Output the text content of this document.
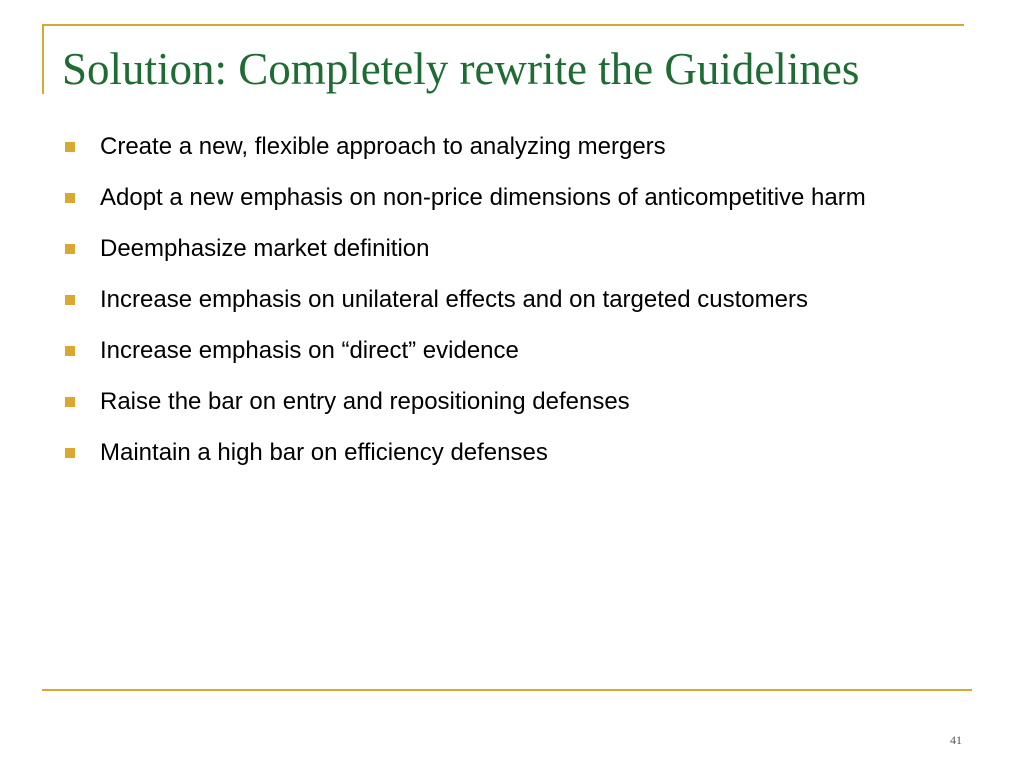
Solution: Completely rewrite the Guidelines
Create a new, flexible approach to analyzing mergers
Adopt a new emphasis on non-price dimensions of anticompetitive harm
Deemphasize market definition
Increase emphasis on unilateral effects and on targeted customers
Increase emphasis on “direct” evidence
Raise the bar on entry and repositioning defenses
Maintain a high bar on efficiency defenses
41
